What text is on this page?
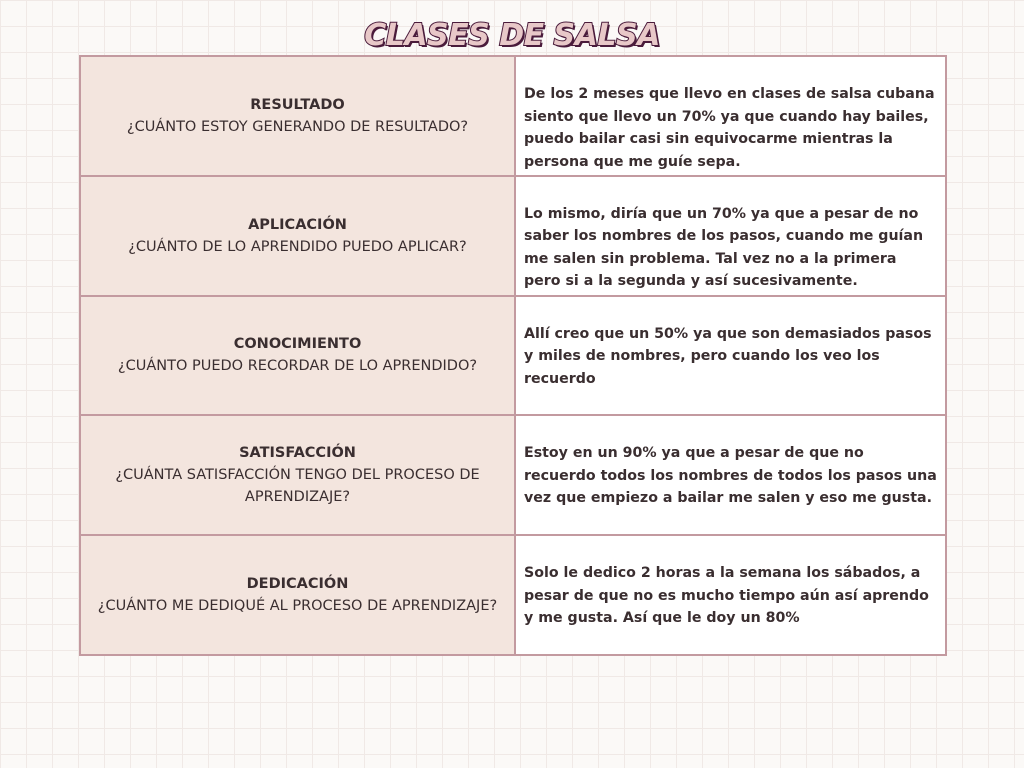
CLASES DE SALSA
RESULTADO
¿CUÁNTO ESTOY GENERANDO DE RESULTADO?

De los 2 meses que llevo en clases de salsa cubana siento que llevo un 70% ya que cuando hay bailes, puedo bailar casi sin equivocarme mientras la persona que me guíe sepa.

APLICACIÓN
¿CUÁNTO DE LO APRENDIDO PUEDO APLICAR?

Lo mismo, diría que un 70% ya que a pesar de no saber los nombres de los pasos, cuando me guían me salen sin problema. Tal vez no a la primera pero si a la segunda y así sucesivamente.

CONOCIMIENTO
¿CUÁNTO PUEDO RECORDAR DE LO APRENDIDO?

Allí creo que un 50% ya que son demasiados pasos y miles de nombres, pero cuando los veo los recuerdo

SATISFACCIÓN
¿CUÁNTA SATISFACCIÓN TENGO DEL PROCESO DE APRENDIZAJE?

Estoy en un 90% ya que a pesar de que no recuerdo todos los nombres de todos los pasos una vez que empiezo a bailar me salen y eso me gusta.

DEDICACIÓN
¿CUÁNTO ME DEDIQUÉ AL PROCESO DE APRENDIZAJE?

Solo le dedico 2 horas a la semana los sábados, a pesar de que no es mucho tiempo aún así aprendo y me gusta. Así que le doy un 80%
